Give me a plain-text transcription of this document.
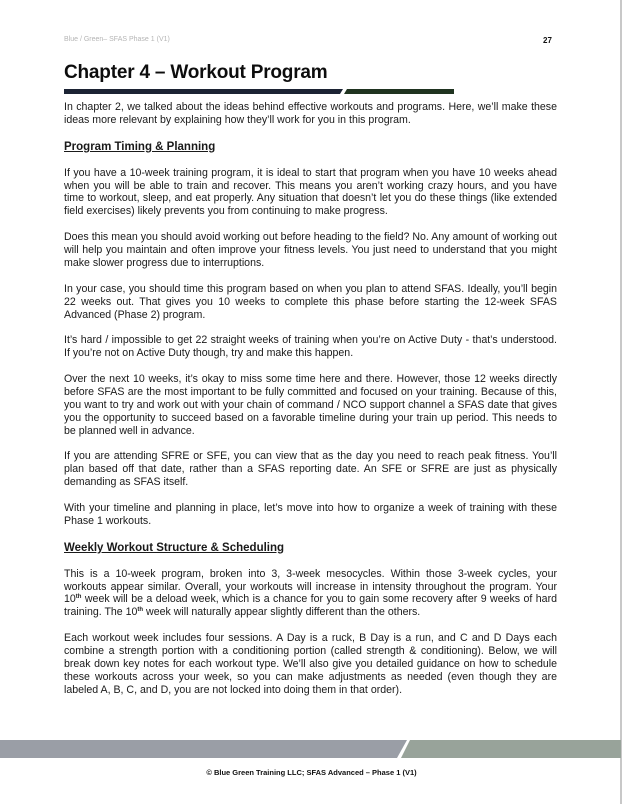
Blue / Green– SFAS Phase 1 (V1)	27
Chapter 4 – Workout Program

In chapter 2, we talked about the ideas behind effective workouts and programs. Here, we’ll make these ideas more relevant by explaining how they’ll work for you in this program.

Program Timing & Planning

If you have a 10-week training program, it is ideal to start that program when you have 10 weeks ahead when you will be able to train and recover. This means you aren’t working crazy hours, and you have time to workout, sleep, and eat properly. Any situation that doesn’t let you do these things (like extended field exercises) likely prevents you from continuing to make progress.

Does this mean you should avoid working out before heading to the field? No. Any amount of working out will help you maintain and often improve your fitness levels. You just need to understand that you might make slower progress due to interruptions.

In your case, you should time this program based on when you plan to attend SFAS. Ideally, you’ll begin 22 weeks out. That gives you 10 weeks to complete this phase before starting the 12-week SFAS Advanced (Phase 2) program.

It’s hard / impossible to get 22 straight weeks of training when you’re on Active Duty - that’s understood. If you’re not on Active Duty though, try and make this happen.

Over the next 10 weeks, it’s okay to miss some time here and there. However, those 12 weeks directly before SFAS are the most important to be fully committed and focused on your training. Because of this, you want to try and work out with your chain of command / NCO support channel a SFAS date that gives you the opportunity to succeed based on a favorable timeline during your train up period. This needs to be planned well in advance.

If you are attending SFRE or SFE, you can view that as the day you need to reach peak fitness. You’ll plan based off that date, rather than a SFAS reporting date. An SFE or SFRE are just as physically demanding as SFAS itself.

With your timeline and planning in place, let’s move into how to organize a week of training with these Phase 1 workouts.

Weekly Workout Structure & Scheduling

This is a 10-week program, broken into 3, 3-week mesocycles. Within those 3-week cycles, your workouts appear similar. Overall, your workouts will increase in intensity throughout the program. Your 10th week will be a deload week, which is a chance for you to gain some recovery after 9 weeks of hard training. The 10th week will naturally appear slightly different than the others.

Each workout week includes four sessions. A Day is a ruck, B Day is a run, and C and D Days each combine a strength portion with a conditioning portion (called strength & conditioning). Below, we will break down key notes for each workout type. We’ll also give you detailed guidance on how to schedule these workouts across your week, so you can make adjustments as needed (even though they are labeled A, B, C, and D, you are not locked into doing them in that order).

© Blue Green Training LLC; SFAS Advanced – Phase 1 (V1)
